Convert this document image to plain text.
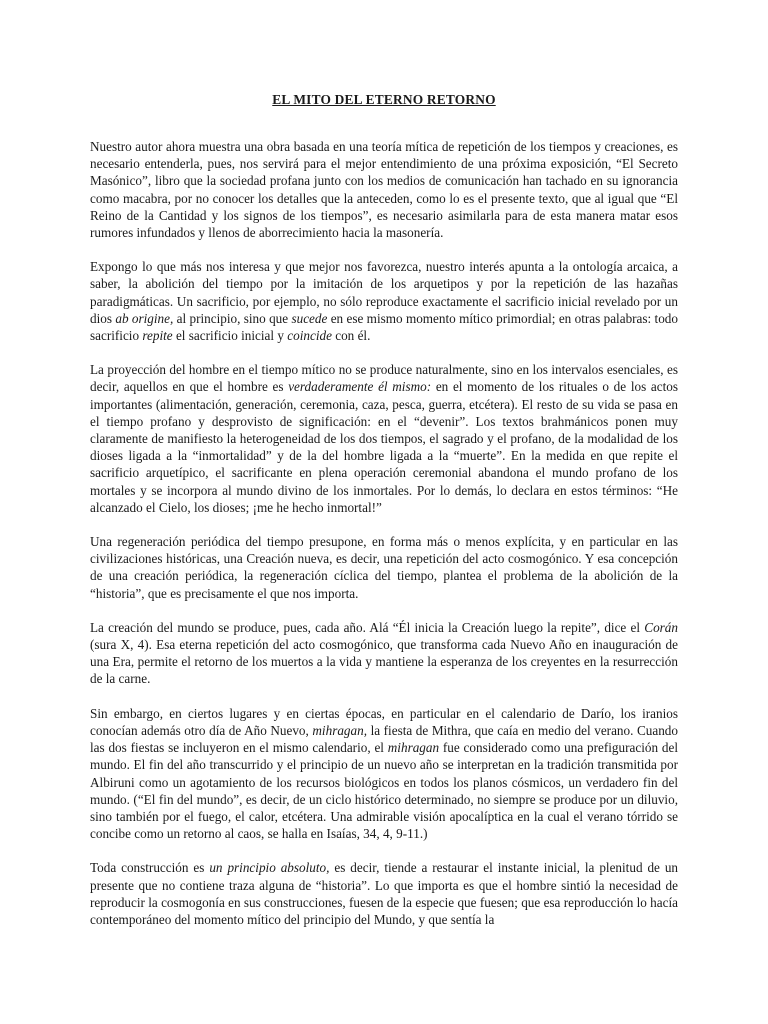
EL MITO DEL ETERNO RETORNO

Nuestro autor ahora muestra una obra basada en una teoría mítica de repetición de los tiempos y creaciones, es necesario entenderla, pues, nos servirá para el mejor entendimiento de una próxima exposición, “El Secreto Masónico”, libro que la sociedad profana junto con los medios de comunicación han tachado en su ignorancia como macabra, por no conocer los detalles que la anteceden, como lo es el presente texto, que al igual que “El Reino de la Cantidad y los signos de los tiempos”, es necesario asimilarla para de esta manera matar esos rumores infundados y llenos de aborrecimiento hacia la masonería.

Expongo lo que más nos interesa y que mejor nos favorezca, nuestro interés apunta a la ontología arcaica, a saber, la abolición del tiempo por la imitación de los arquetipos y por la repetición de las hazañas paradigmáticas. Un sacrificio, por ejemplo, no sólo reproduce exactamente el sacrificio inicial revelado por un dios ab origine, al principio, sino que sucede en ese mismo momento mítico primordial; en otras palabras: todo sacrificio repite el sacrificio inicial y coincide con él.

La proyección del hombre en el tiempo mítico no se produce naturalmente, sino en los intervalos esenciales, es decir, aquellos en que el hombre es verdaderamente él mismo: en el momento de los rituales o de los actos importantes (alimentación, generación, ceremonia, caza, pesca, guerra, etcétera). El resto de su vida se pasa en el tiempo profano y desprovisto de significación: en el “devenir”. Los textos brahmánicos ponen muy claramente de manifiesto la heterogeneidad de los dos tiempos, el sagrado y el profano, de la modalidad de los dioses ligada a la “inmortalidad” y de la del hombre ligada a la “muerte”. En la medida en que repite el sacrificio arquetípico, el sacrificante en plena operación ceremonial abandona el mundo profano de los mortales y se incorpora al mundo divino de los inmortales. Por lo demás, lo declara en estos términos: “He alcanzado el Cielo, los dioses; ¡me he hecho inmortal!”

Una regeneración periódica del tiempo presupone, en forma más o menos explícita, y en particular en las civilizaciones históricas, una Creación nueva, es decir, una repetición del acto cosmogónico. Y esa concepción de una creación periódica, la regeneración cíclica del tiempo, plantea el problema de la abolición de la “historia”, que es precisamente el que nos importa.

La creación del mundo se produce, pues, cada año. Alá “Él inicia la Creación luego la repite”, dice el Corán (sura X, 4). Esa eterna repetición del acto cosmogónico, que transforma cada Nuevo Año en inauguración de una Era, permite el retorno de los muertos a la vida y mantiene la esperanza de los creyentes en la resurrección de la carne.

Sin embargo, en ciertos lugares y en ciertas épocas, en particular en el calendario de Darío, los iranios conocían además otro día de Año Nuevo, mihragan, la fiesta de Mithra, que caía en medio del verano. Cuando las dos fiestas se incluyeron en el mismo calendario, el mihragan fue considerado como una prefiguración del mundo. El fin del año transcurrido y el principio de un nuevo año se interpretan en la tradición transmitida por Albiruni como un agotamiento de los recursos biológicos en todos los planos cósmicos, un verdadero fin del mundo. (“El fin del mundo”, es decir, de un ciclo histórico determinado, no siempre se produce por un diluvio, sino también por el fuego, el calor, etcétera. Una admirable visión apocalíptica en la cual el verano tórrido se concibe como un retorno al caos, se halla en Isaías, 34, 4, 9-11.)

Toda construcción es un principio absoluto, es decir, tiende a restaurar el instante inicial, la plenitud de un presente que no contiene traza alguna de “historia”. Lo que importa es que el hombre sintió la necesidad de reproducir la cosmogonía en sus construcciones, fuesen de la especie que fuesen; que esa reproducción lo hacía contemporáneo del momento mítico del principio del Mundo, y que sentía la
